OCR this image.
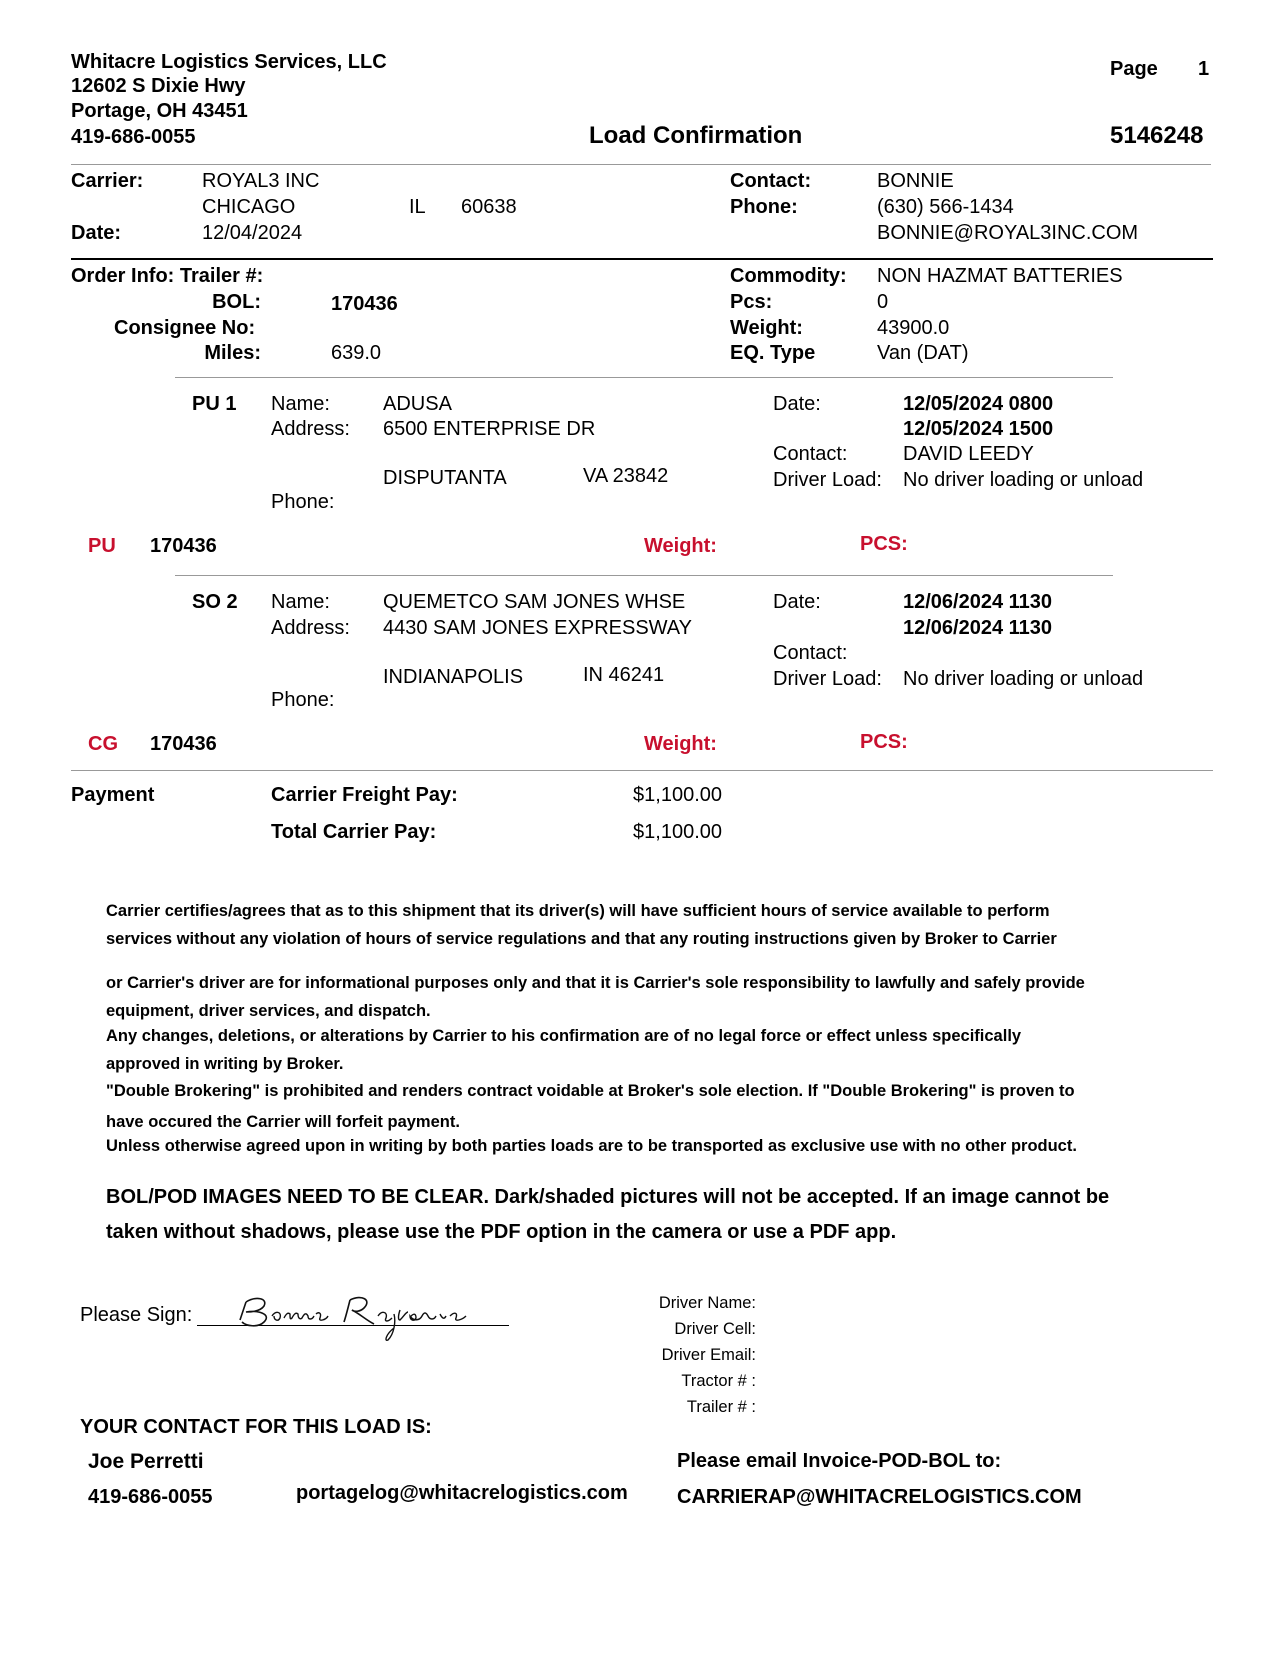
Whitacre Logistics Services, LLC
12602 S Dixie Hwy
Portage, OH 43451
419-686-0055
Page 1
Load Confirmation	5146248
Carrier:	ROYAL3 INC
CHICAGO	IL 60638
Date:	12/04/2024
Contact:	BONNIE
Phone:	(630) 566-1434
BONNIE@ROYAL3INC.COM
Order Info: Trailer #:
BOL:	170436
Consignee No:
Miles:	639.0
Commodity: NON HAZMAT BATTERIES
Pcs:	0
Weight:	43900.0
EQ. Type	Van (DAT)
PU 1 Name:	ADUSA
Address: 6500 ENTERPRISE DR
DISPUTANTA	VA 23842
Phone:
Date:	12/05/2024 0800
12/05/2024 1500
Contact:	DAVID LEEDY
Driver Load: No driver loading or unload
PU 170436	Weight:	PCS:
SO 2 Name:	QUEMETCO SAM JONES WHSE
Address: 4430 SAM JONES EXPRESSWAY
INDIANAPOLIS	IN 46241
Phone:
Date:	12/06/2024 1130
12/06/2024 1130
Contact:
Driver Load: No driver loading or unload
CG 170436	Weight:	PCS:
Payment	Carrier Freight Pay:	$1,100.00
Total Carrier Pay:	$1,100.00
Carrier certifies/agrees that as to this shipment that its driver(s) will have sufficient hours of service available to perform
services without any violation of hours of service regulations and that any routing instructions given by Broker to Carrier
or Carrier's driver are for informational purposes only and that it is Carrier's sole responsibility to lawfully and safely provide
equipment, driver services, and dispatch.
Any changes, deletions, or alterations by Carrier to his confirmation are of no legal force or effect unless specifically
approved in writing by Broker.
"Double Brokering" is prohibited and renders contract voidable at Broker's sole election. If "Double Brokering" is proven to
have occured the Carrier will forfeit payment.
Unless otherwise agreed upon in writing by both parties loads are to be transported as exclusive use with no other product.
BOL/POD IMAGES NEED TO BE CLEAR. Dark/shaded pictures will not be accepted. If an image cannot be
taken without shadows, please use the PDF option in the camera or use a PDF app.
Please Sign:
Driver Name:
Driver Cell:
Driver Email:
Tractor # :
Trailer # :
YOUR CONTACT FOR THIS LOAD IS:
Joe Perretti
419-686-0055	portagelog@whitacrelogistics.com
Please email Invoice-POD-BOL to:
CARRIERAP@WHITACRELOGISTICS.COM
